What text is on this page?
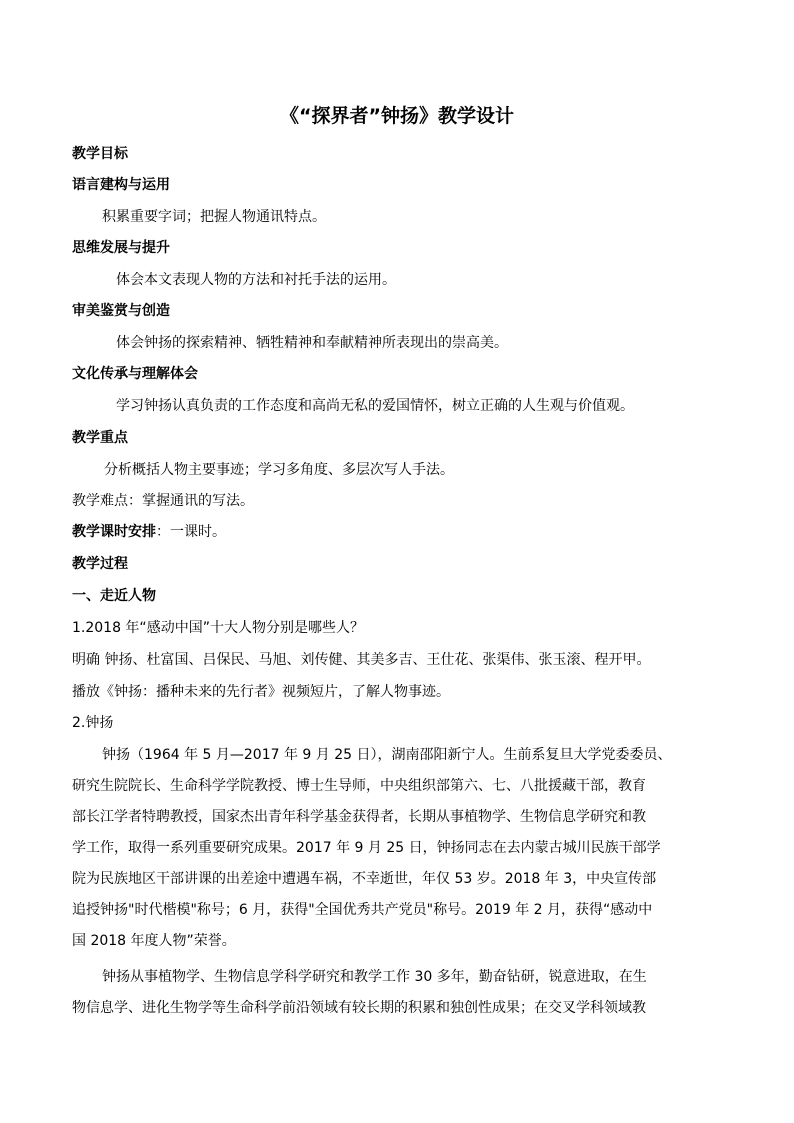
《“探界者”钟扬》教学设计
教学目标
语言建构与运用
积累重要字词；把握人物通讯特点。
思维发展与提升
体会本文表现人物的方法和衬托手法的运用。
审美鉴赏与创造
体会钟扬的探索精神、牺牲精神和奉献精神所表现出的崇高美。
文化传承与理解体会
学习钟扬认真负责的工作态度和高尚无私的爱国情怀，树立正确的人生观与价值观。
教学重点
分析概括人物主要事迹；学习多角度、多层次写人手法。
教学难点：掌握通讯的写法。
教学课时安排：一课时。
教学过程
一、走近人物
1.2018 年“感动中国”十大人物分别是哪些人？
明确 钟扬、杜富国、吕保民、马旭、刘传健、其美多吉、王仕花、张渠伟、张玉滚、程开甲。
播放《钟扬：播种未来的先行者》视频短片，了解人物事迹。
2.钟扬
钟扬（1964 年 5 月—2017 年 9 月 25 日），湖南邵阳新宁人。生前系复旦大学党委委员、
研究生院院长、生命科学学院教授、博士生导师，中央组织部第六、七、八批援藏干部，教育
部长江学者特聘教授，国家杰出青年科学基金获得者，长期从事植物学、生物信息学研究和教
学工作，取得一系列重要研究成果。2017 年 9 月 25 日，钟扬同志在去内蒙古城川民族干部学
院为民族地区干部讲课的出差途中遭遇车祸，不幸逝世，年仅 53 岁。2018 年 3，中央宣传部
追授钟扬"时代楷模"称号；6 月，获得"全国优秀共产党员"称号。2019 年 2 月，获得“感动中
国 2018 年度人物”荣誉。
钟扬从事植物学、生物信息学科学研究和教学工作 30 多年，勤奋钻研，锐意进取，在生
物信息学、进化生物学等生命科学前沿领域有较长期的积累和独创性成果；在交叉学科领域教
